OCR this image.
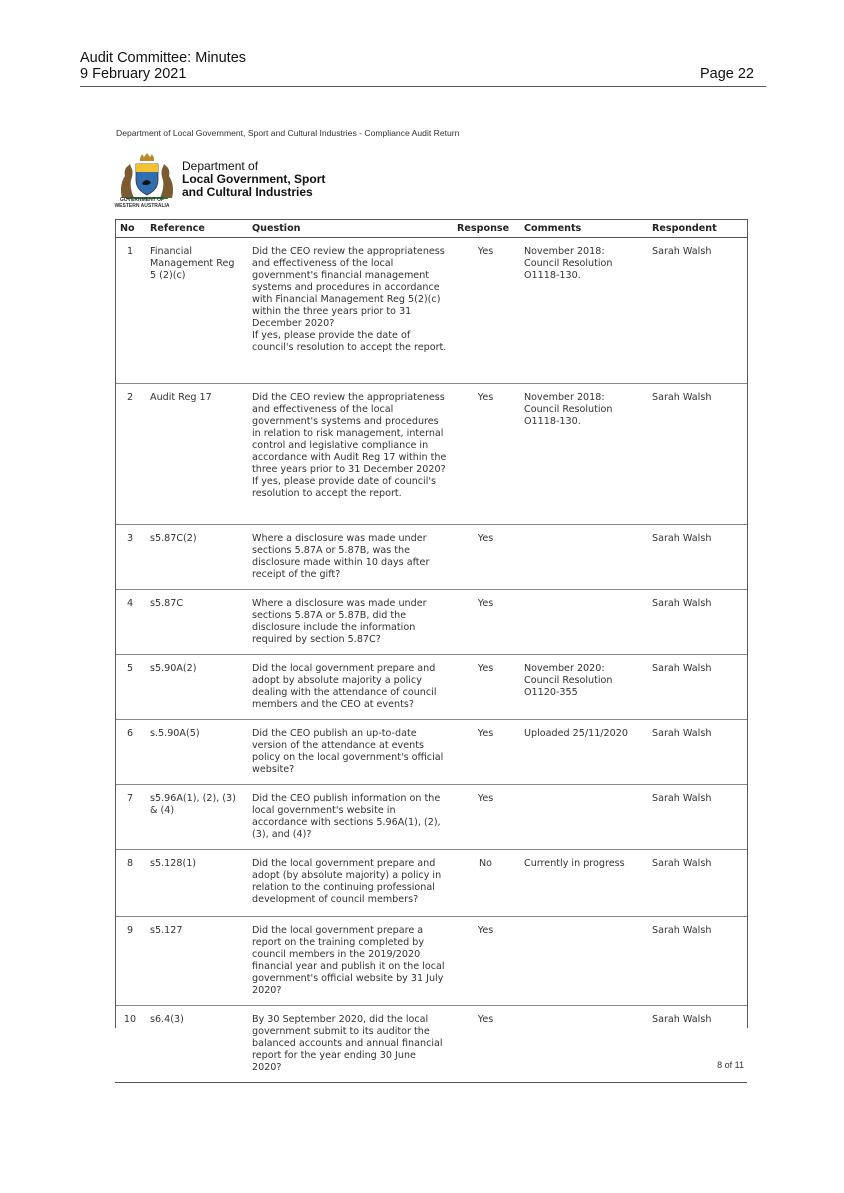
Audit Committee: Minutes
9 February 2021	Page 22
Department of Local Government, Sport and Cultural Industries - Compliance Audit Return
GOVERNMENT OF
WESTERN AUSTRALIA
Department of
Local Government, Sport
and Cultural Industries
No	Reference	Question	Response	Comments	Respondent
1	Financial Management Reg 5 (2)(c)	Did the CEO review the appropriateness and effectiveness of the local government's financial management systems and procedures in accordance with Financial Management Reg 5(2)(c) within the three years prior to 31 December 2020?
If yes, please provide the date of council's resolution to accept the report.	Yes	November 2018: Council Resolution O1118-130.	Sarah Walsh
2	Audit Reg 17	Did the CEO review the appropriateness and effectiveness of the local government's systems and procedures in relation to risk management, internal control and legislative compliance in accordance with Audit Reg 17 within the three years prior to 31 December 2020?
If yes, please provide date of council's resolution to accept the report.	Yes	November 2018: Council Resolution O1118-130.	Sarah Walsh
3	s5.87C(2)	Where a disclosure was made under sections 5.87A or 5.87B, was the disclosure made within 10 days after receipt of the gift?	Yes		Sarah Walsh
4	s5.87C	Where a disclosure was made under sections 5.87A or 5.87B, did the disclosure include the information required by section 5.87C?	Yes		Sarah Walsh
5	s5.90A(2)	Did the local government prepare and adopt by absolute majority a policy dealing with the attendance of council members and the CEO at events?	Yes	November 2020: Council Resolution O1120-355	Sarah Walsh
6	s.5.90A(5)	Did the CEO publish an up-to-date version of the attendance at events policy on the local government's official website?	Yes	Uploaded 25/11/2020	Sarah Walsh
7	s5.96A(1), (2), (3) & (4)	Did the CEO publish information on the local government's website in accordance with sections 5.96A(1), (2), (3), and (4)?	Yes		Sarah Walsh
8	s5.128(1)	Did the local government prepare and adopt (by absolute majority) a policy in relation to the continuing professional development of council members?	No	Currently in progress	Sarah Walsh
9	s5.127	Did the local government prepare a report on the training completed by council members in the 2019/2020 financial year and publish it on the local government's official website by 31 July 2020?	Yes		Sarah Walsh
10	s6.4(3)	By 30 September 2020, did the local government submit to its auditor the balanced accounts and annual financial report for the year ending 30 June 2020?	Yes		Sarah Walsh
8 of 11
